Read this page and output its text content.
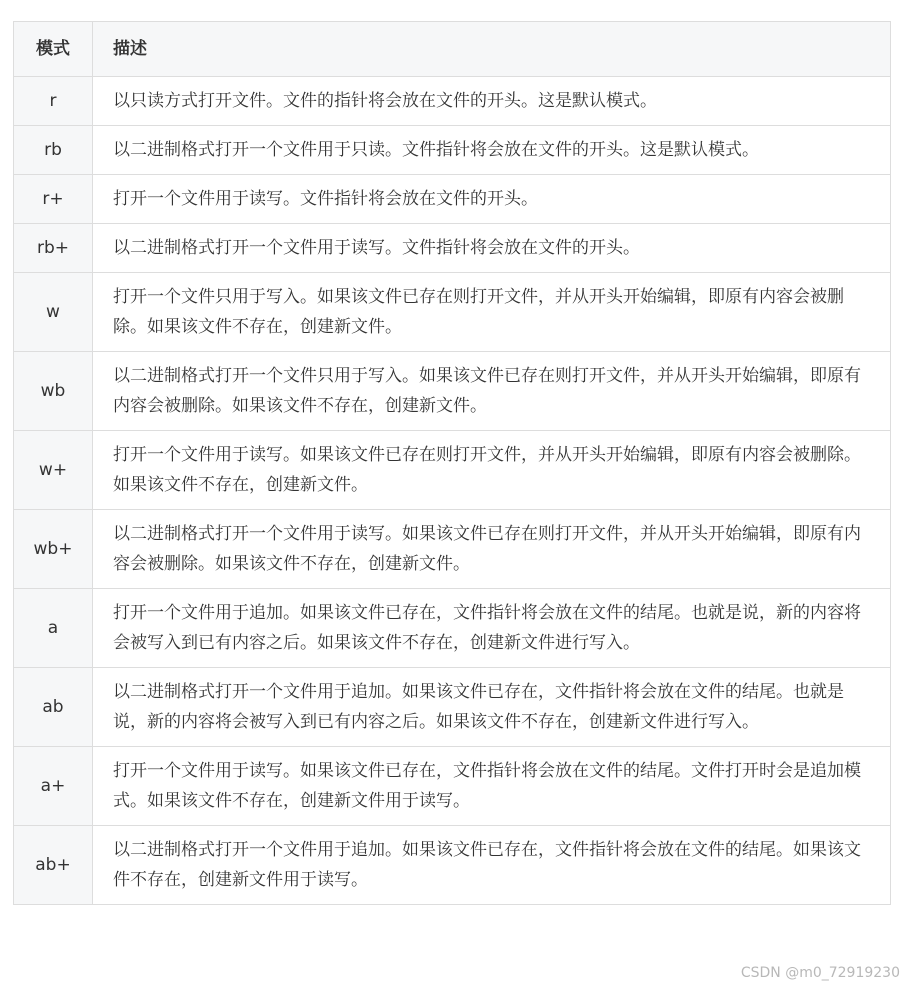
模式	描述
r	以只读方式打开文件。文件的指针将会放在文件的开头。这是默认模式。
rb	以二进制格式打开一个文件用于只读。文件指针将会放在文件的开头。这是默认模式。
r+	打开一个文件用于读写。文件指针将会放在文件的开头。
rb+	以二进制格式打开一个文件用于读写。文件指针将会放在文件的开头。
w	打开一个文件只用于写入。如果该文件已存在则打开文件，并从开头开始编辑，即原有内容会被删除。如果该文件不存在，创建新文件。
wb	以二进制格式打开一个文件只用于写入。如果该文件已存在则打开文件，并从开头开始编辑，即原有内容会被删除。如果该文件不存在，创建新文件。
w+	打开一个文件用于读写。如果该文件已存在则打开文件，并从开头开始编辑，即原有内容会被删除。如果该文件不存在，创建新文件。
wb+	以二进制格式打开一个文件用于读写。如果该文件已存在则打开文件，并从开头开始编辑，即原有内容会被删除。如果该文件不存在，创建新文件。
a	打开一个文件用于追加。如果该文件已存在，文件指针将会放在文件的结尾。也就是说，新的内容将会被写入到已有内容之后。如果该文件不存在，创建新文件进行写入。
ab	以二进制格式打开一个文件用于追加。如果该文件已存在，文件指针将会放在文件的结尾。也就是说，新的内容将会被写入到已有内容之后。如果该文件不存在，创建新文件进行写入。
a+	打开一个文件用于读写。如果该文件已存在，文件指针将会放在文件的结尾。文件打开时会是追加模式。如果该文件不存在，创建新文件用于读写。
ab+	以二进制格式打开一个文件用于追加。如果该文件已存在，文件指针将会放在文件的结尾。如果该文件不存在，创建新文件用于读写。
CSDN @m0_72919230
